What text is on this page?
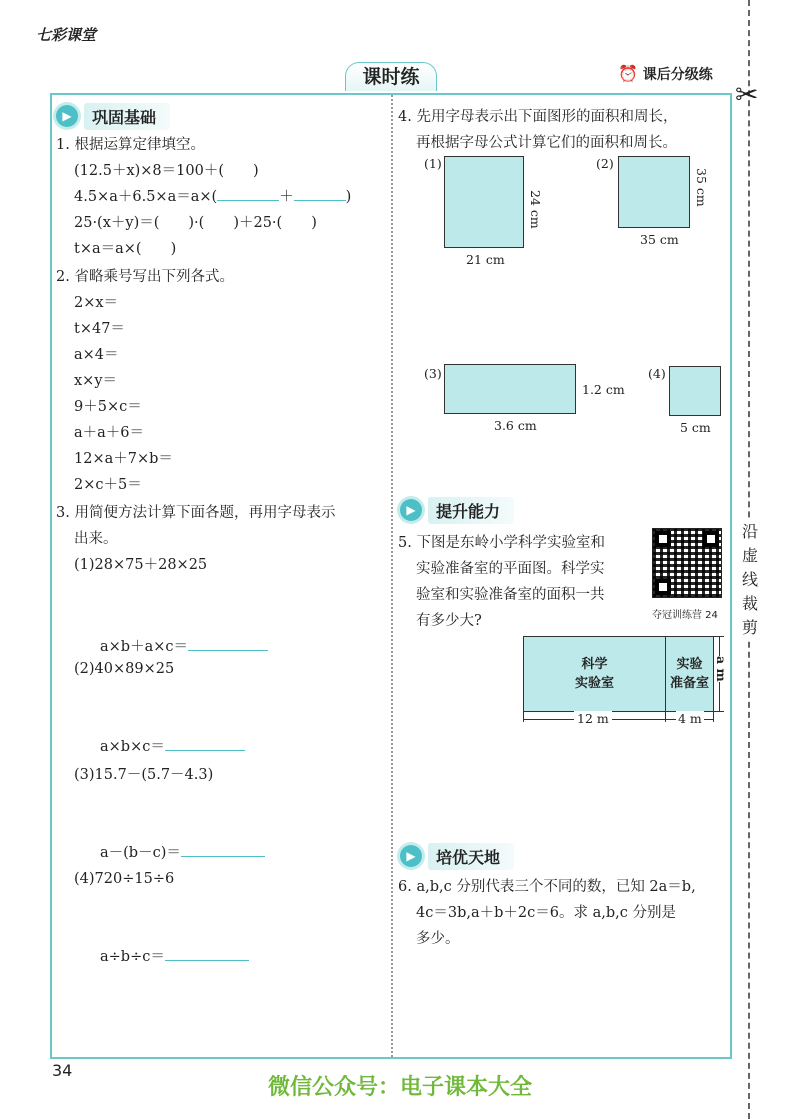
七彩课堂
课时练	⏰ 课后分级练
✂
沿
虚
线
裁
剪
▶	巩固基础
1. 根据运算定律填空。
(12.5＋x)×8＝100＋(　　)
4.5×a＋6.5×a＝a×(	＋	)
25·(x＋y)＝(　　)·(　　)＋25·(　　)
t×a＝a×(　　)
2. 省略乘号写出下列各式。
2×x＝
t×47＝
a×4＝
x×y＝
9＋5×c＝
a＋a＋6＝
12×a＋7×b＝
2×c＋5＝
3. 用简便方法计算下面各题，再用字母表示
出来。
(1)28×75＋28×25
a×b＋a×c＝
(2)40×89×25
a×b×c＝
(3)15.7－(5.7－4.3)
a－(b－c)＝
(4)720÷15÷6
a÷b÷c＝
4. 先用字母表示出下面图形的面积和周长，
再根据字母公式计算它们的面积和周长。
(1)
24 cm
21 cm
(2)
35 cm
35 cm
(3)
1.2 cm
3.6 cm
(4)
5 cm
▶	提升能力
5. 下图是东岭小学科学实验室和
实验准备室的平面图。科学实
验室和实验准备室的面积一共
有多少大?	夺冠训练营 24
科学
实验室
实验
准备室
a m
12 m	4 m
▶	培优天地
6. a,b,c 分别代表三个不同的数，已知 2a＝b,
4c＝3b,a＋b＋2c＝6。求 a,b,c 分别是
多少。
34
微信公众号：电子课本大全
